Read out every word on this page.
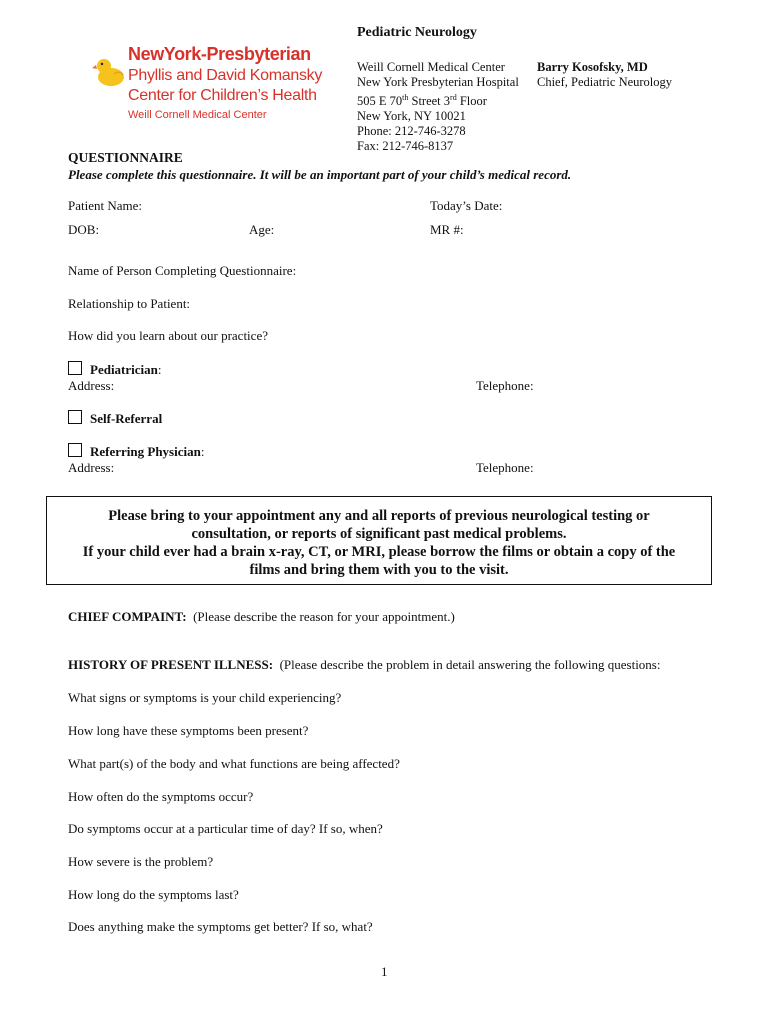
NewYork-Presbyterian
Phyllis and David Komansky
Center for Children’s Health
Weill Cornell Medical Center
Pediatric Neurology
Weill Cornell Medical Center
New York Presbyterian Hospital
505 E 70th Street 3rd Floor
New York, NY 10021
Phone: 212-746-3278
Fax: 212-746-8137
Barry Kosofsky, MD
Chief, Pediatric Neurology
QUESTIONNAIRE
Please complete this questionnaire. It will be an important part of your child’s medical record.
Patient Name:	Today’s Date:
DOB:	Age:	MR #:
Name of Person Completing Questionnaire:
Relationship to Patient:
How did you learn about our practice?
Pediatrician:
Address:	Telephone:
Self-Referral
Referring Physician:
Address:	Telephone:
Please bring to your appointment any and all reports of previous neurological testing or
consultation, or reports of significant past medical problems.
If your child ever had a brain x-ray, CT, or MRI, please borrow the films or obtain a copy of the
films and bring them with you to the visit.
CHIEF COMPAINT: (Please describe the reason for your appointment.)
HISTORY OF PRESENT ILLNESS: (Please describe the problem in detail answering the following questions:
What signs or symptoms is your child experiencing?
How long have these symptoms been present?
What part(s) of the body and what functions are being affected?
How often do the symptoms occur?
Do symptoms occur at a particular time of day? If so, when?
How severe is the problem?
How long do the symptoms last?
Does anything make the symptoms get better? If so, what?
1
